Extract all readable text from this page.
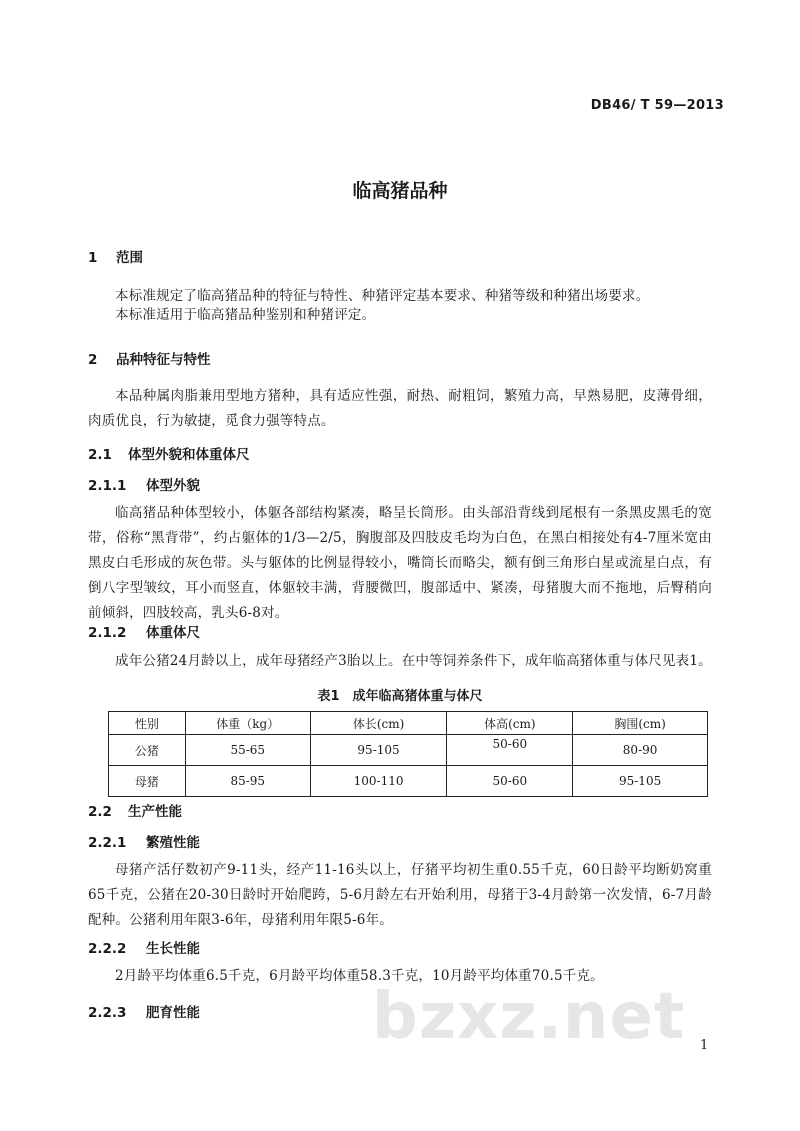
DB46/ T 59—2013
临高猪品种
1 范围
本标准规定了临高猪品种的特征与特性、种猪评定基本要求、种猪等级和种猪出场要求。
本标准适用于临高猪品种鉴别和种猪评定。
2 品种特征与特性
本品种属肉脂兼用型地方猪种，具有适应性强，耐热、耐粗饲，繁殖力高，早熟易肥，皮薄骨细，肉质优良，行为敏捷，觅食力强等特点。
2.1 体型外貌和体重体尺
2.1.1 体型外貌
临高猪品种体型较小，体躯各部结构紧凑，略呈长筒形。由头部沿背线到尾根有一条黑皮黑毛的宽带，俗称“黑背带”，约占躯体的1/3—2/5，胸腹部及四肢皮毛均为白色，在黑白相接处有4-7厘米宽由黑皮白毛形成的灰色带。头与躯体的比例显得较小，嘴筒长而略尖，额有倒三角形白星或流星白点，有倒八字型皱纹，耳小而竖直，体躯较丰满，背腰微凹，腹部适中、紧凑，母猪腹大而不拖地，后臀稍向前倾斜，四肢较高，乳头6-8对。
2.1.2 体重体尺
成年公猪24月龄以上，成年母猪经产3胎以上。在中等饲养条件下，成年临高猪体重与体尺见表1。
表1　成年临高猪体重与体尺
性别	体重（kg）	体长(cm)	体高(cm)	胸围(cm)
公猪	55-65	95-105	50-60	80-90
母猪	85-95	100-110	50-60	95-105
2.2 生产性能
2.2.1 繁殖性能
母猪产活仔数初产9-11头，经产11-16头以上，仔猪平均初生重0.55千克，60日龄平均断奶窝重65千克，公猪在20-30日龄时开始爬跨，5-6月龄左右开始利用，母猪于3-4月龄第一次发情，6-7月龄配种。公猪利用年限3-6年，母猪利用年限5-6年。
2.2.2 生长性能
2月龄平均体重6.5千克，6月龄平均体重58.3千克，10月龄平均体重70.5千克。
2.2.3 肥育性能	bzxz.net 1
